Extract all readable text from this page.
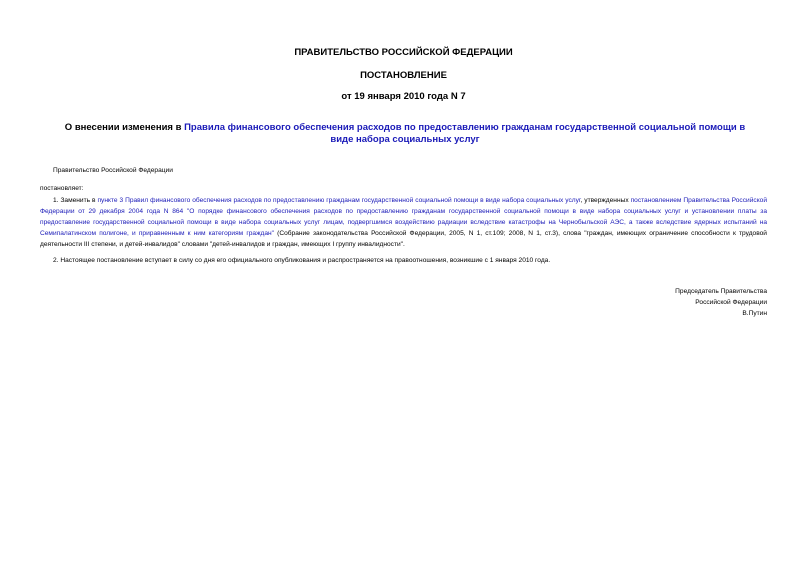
ПРАВИТЕЛЬСТВО РОССИЙСКОЙ ФЕДЕРАЦИИ
ПОСТАНОВЛЕНИЕ
от 19 января 2010 года N 7
О внесении изменения в Правила финансового обеспечения расходов по предоставлению гражданам государственной социальной помощи в виде набора социальных услуг
Правительство Российской Федерации
постановляет:
1. Заменить в пункте 3 Правил финансового обеспечения расходов по предоставлению гражданам государственной социальной помощи в виде набора социальных услуг, утвержденных постановлением Правительства Российской Федерации от 29 декабря 2004 года N 864 "О порядке финансового обеспечения расходов по предоставлению гражданам государственной социальной помощи в виде набора социальных услуг и установлении платы за предоставление государственной социальной помощи в виде набора социальных услуг лицам, подвергшимся воздействию радиации вследствие катастрофы на Чернобыльской АЭС, а также вследствие ядерных испытаний на Семипалатинском полигоне, и приравненным к ним категориям граждан" (Собрание законодательства Российской Федерации, 2005, N 1, ст.109; 2008, N 1, ст.3), слова "граждан, имеющих ограничение способности к трудовой деятельности III степени, и детей-инвалидов" словами "детей-инвалидов и граждан, имеющих I группу инвалидности".
2. Настоящее постановление вступает в силу со дня его официального опубликования и распространяется на правоотношения, возникшие с 1 января 2010 года.
Председатель Правительства
Российской Федерации
В.Путин
